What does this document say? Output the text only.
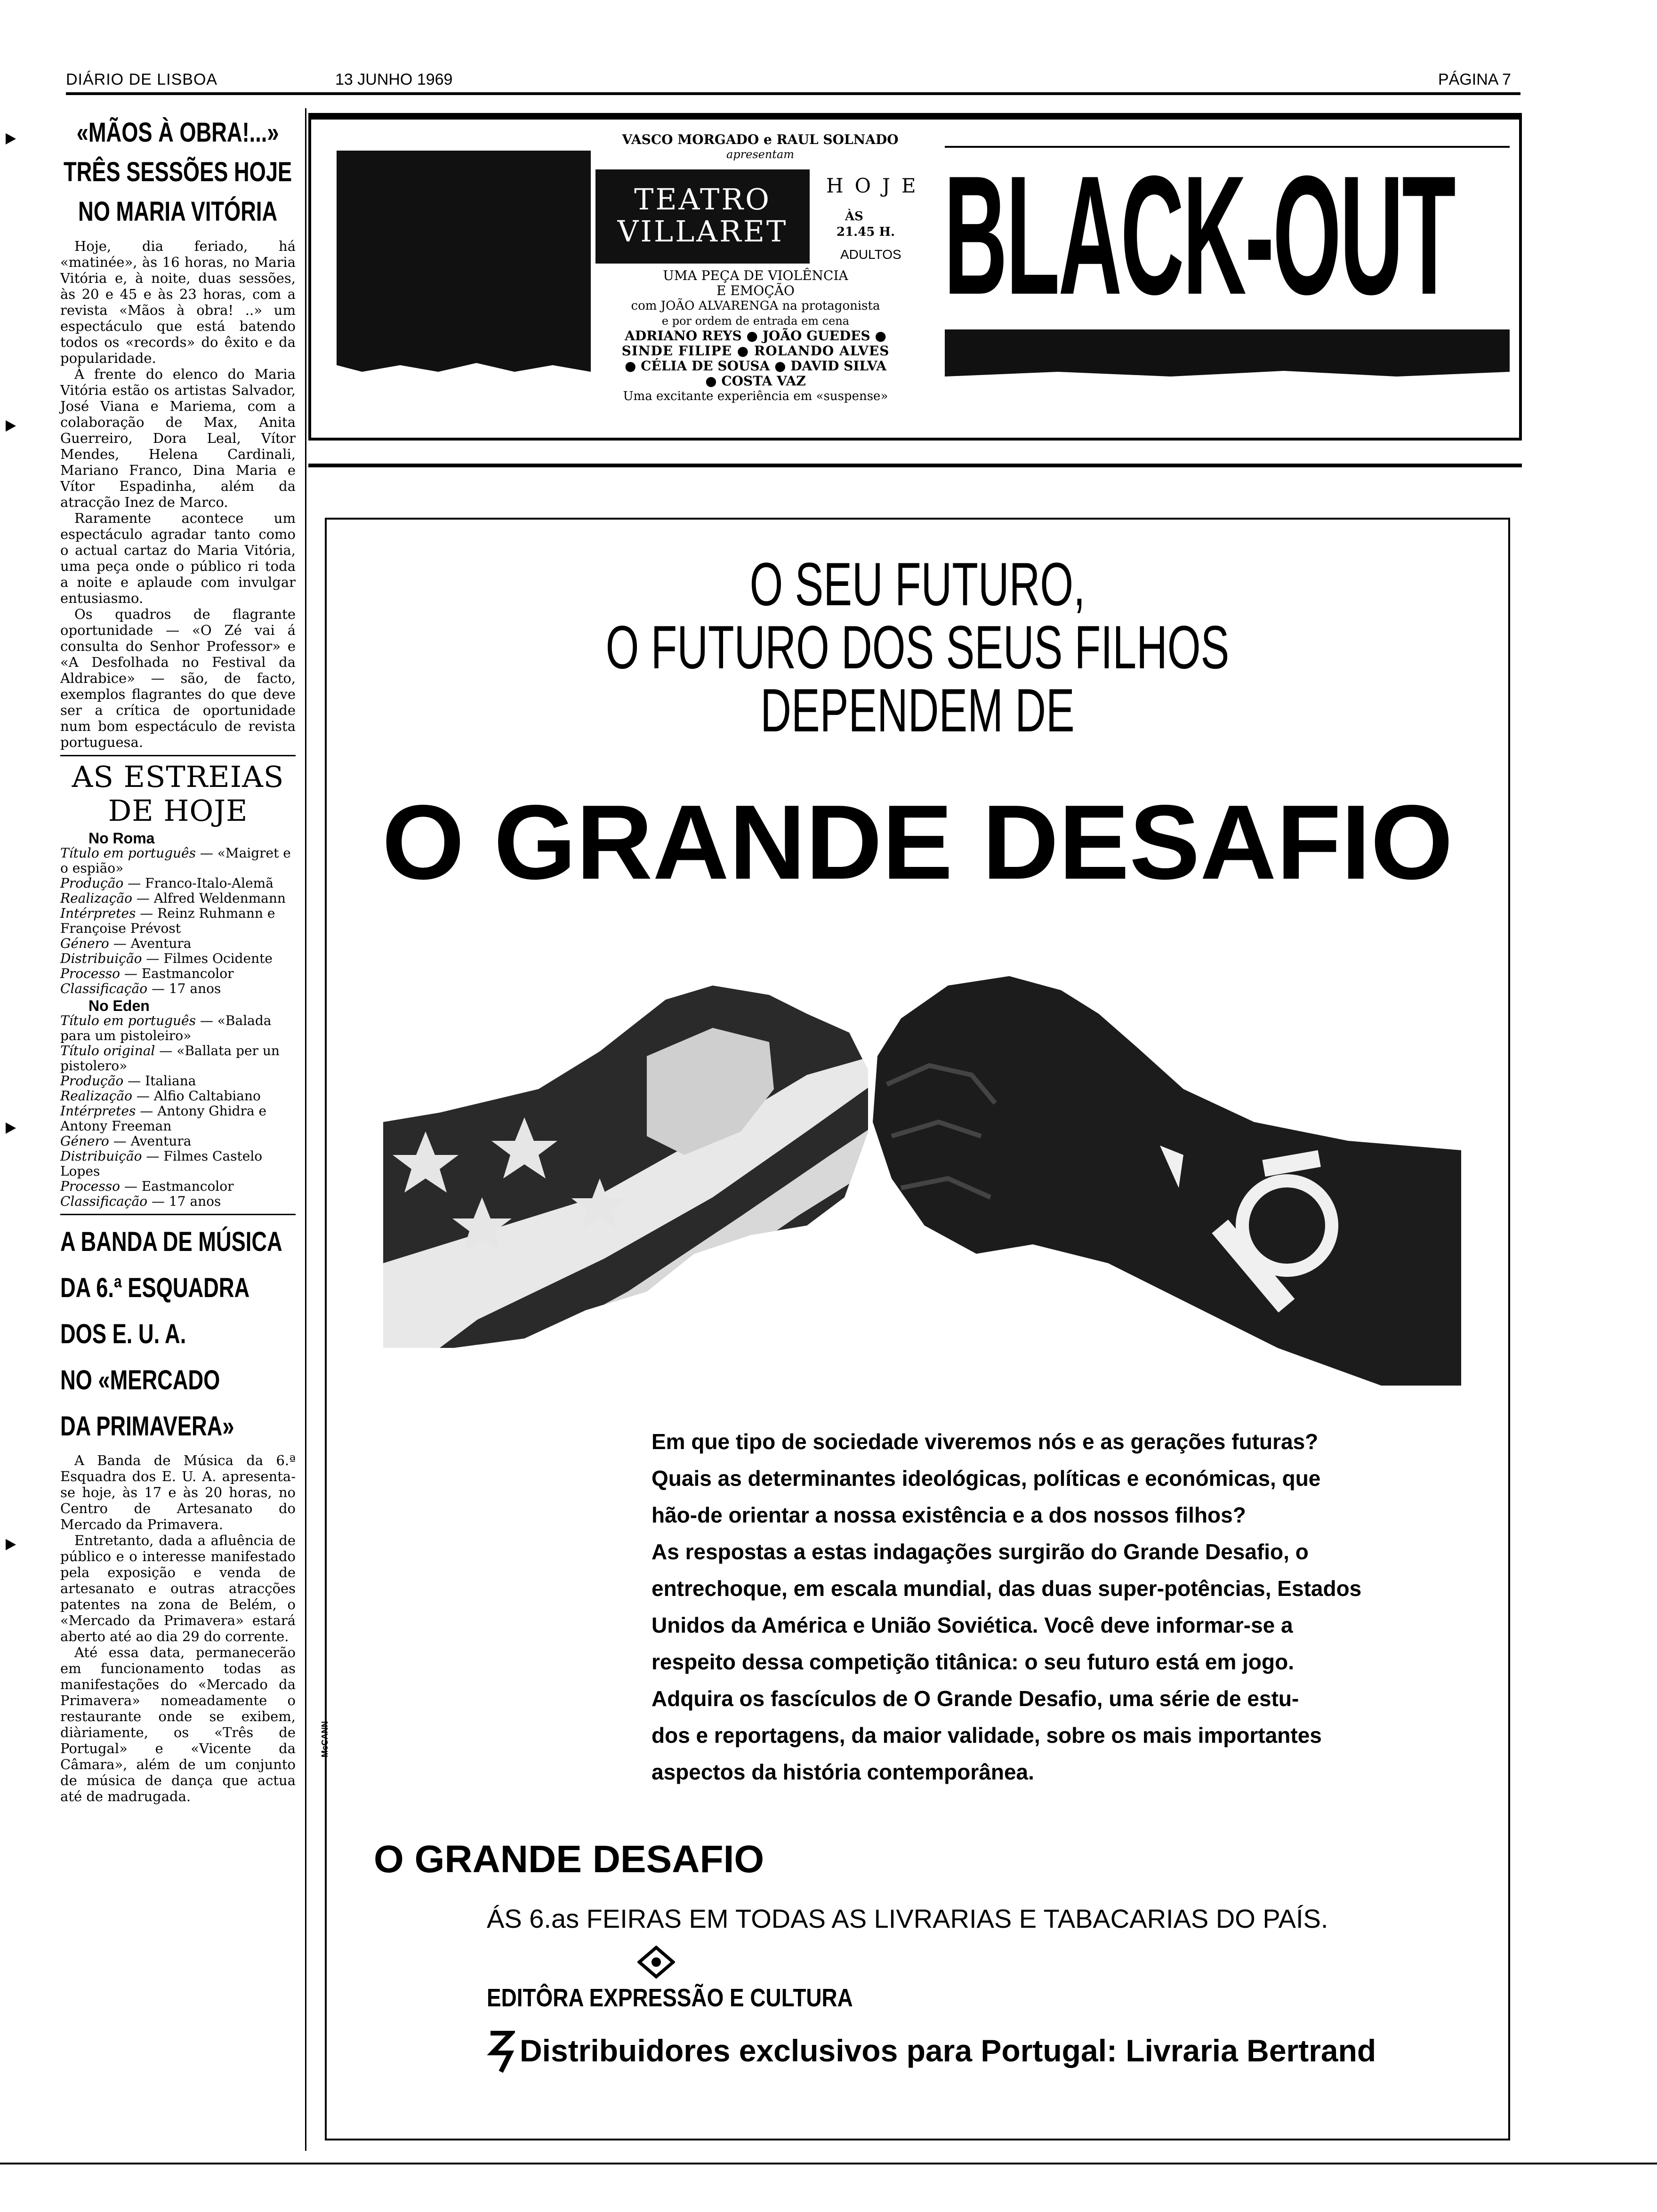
DIÁRIO DE LISBOA	13 JUNHO 1969	PÁGINA 7
«MÃOS À OBRA!...»
TRÊS SESSÕES HOJE
NO MARIA VITÓRIA

Hoje, dia feriado, há «matinée», às 16 horas, no Maria Vitória e, à noite, duas sessões, às 20 e 45 e às 23 horas, com a revista «Mãos à obra! ..» um espectáculo que está batendo todos os «records» do êxito e da popularidade.

À frente do elenco do Maria Vitória estão os artistas Salvador, José Viana e Mariema, com a colaboração de Max, Anita Guerreiro, Dora Leal, Vítor Mendes, Helena Cardinali, Mariano Franco, Dina Maria e Vítor Espadinha, além da atracção Inez de Marco.

Raramente acontece um espectáculo agradar tanto como o actual cartaz do Maria Vitória, uma peça onde o público ri toda a noite e aplaude com invulgar entusiasmo.

Os quadros de flagrante oportunidade — «O Zé vai á consulta do Senhor Professor» e «A Desfolhada no Festival da Aldrabice» — são, de facto, exemplos flagrantes do que deve ser a crítica de oportunidade num bom espectáculo de revista portuguesa.

AS ESTREIAS
DE HOJE
No Roma
Título em português — «Maigret e o espião»
Produção — Franco-Italo-Alemã
Realização — Alfred Weldenmann
Intérpretes — Reinz Ruhmann e Françoise Prévost
Género — Aventura
Distribuição — Filmes Ocidente
Processo — Eastmancolor
Classificação — 17 anos
No Eden
Título em português — «Balada para um pistoleiro»
Título original — «Ballata per un pistolero»
Produção — Italiana
Realização — Alfio Caltabiano
Intérpretes — Antony Ghidra e Antony Freeman
Género — Aventura
Distribuição — Filmes Castelo Lopes
Processo — Eastmancolor
Classificação — 17 anos
A BANDA DE MÚSICA
DA 6.ª ESQUADRA
DOS E. U. A.
NO «MERCADO
DA PRIMAVERA»

A Banda de Música da 6.ª Esquadra dos E. U. A. apresenta-se hoje, às 17 e às 20 horas, no Centro de Artesanato do Mercado da Primavera.

Entretanto, dada a afluência de público e o interesse manifestado pela exposição e venda de artesanato e outras atracções patentes na zona de Belém, o «Mercado da Primavera» estará aberto até ao dia 29 do corrente.

Até essa data, permanecerão em funcionamento todas as manifestações do «Mercado da Primavera» nomeadamente o restaurante onde se exibem, diàriamente, os «Três de Portugal» e «Vicente da Câmara», além de um conjunto de música de dança que actua até de madrugada.

VASCO MORGADO e RAUL SOLNADO
apresentam
TEATRO
VILLARET
HOJE
ÀS
21.45 H.
ADULTOS
UMA PEÇA DE VIOLÊNCIA
E EMOÇÃO
com JOÃO ALVARENGA na protagonista
e por ordem de entrada em cena
ADRIANO REYS ● JOÃO GUEDES ●
SINDE FILIPE ● ROLANDO ALVES
● CÉLIA DE SOUSA ● DAVID SILVA
● COSTA VAZ
Uma excitante experiência em «suspense»
BLACK-OUT
O SEU FUTURO,
O FUTURO DOS SEUS FILHOS
DEPENDEM DE
O GRANDE DESAFIO
Em que tipo de sociedade viveremos nós e as gerações futuras?
Quais as determinantes ideológicas, políticas e económicas, que
hão-de orientar a nossa existência e a dos nossos filhos?
As respostas a estas indagações surgirão do Grande Desafio, o
entrechoque, em escala mundial, das duas super-potências, Estados
Unidos da América e União Soviética. Você deve informar-se a
respeito dessa competição titânica: o seu futuro está em jogo.
Adquira os fascículos de O Grande Desafio, uma série de estu-
dos e reportagens, da maior validade, sobre os mais importantes
aspectos da história contemporânea.
McCANN
O GRANDE DESAFIO
ÁS 6.as FEIRAS EM TODAS AS LIVRARIAS E TABACARIAS DO PAÍS.
EDITÔRA EXPRESSÃO E CULTURA
Distribuidores exclusivos para Portugal: Livraria Bertrand
